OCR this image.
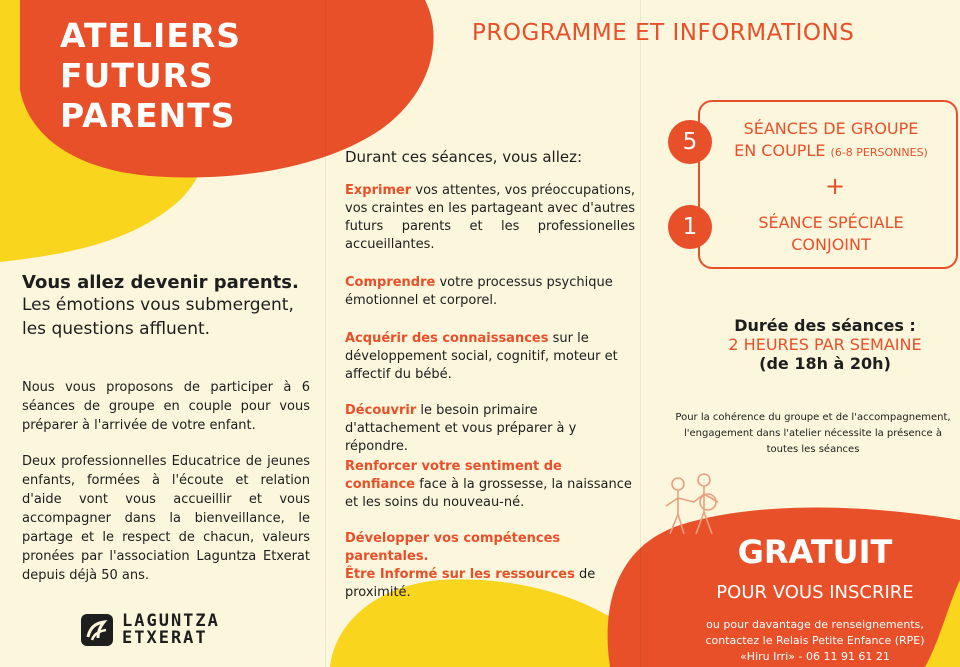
ATELIERS
FUTURS
PARENTS
Vous allez devenir parents.
Les émotions vous submergent,
les questions affluent.
Nous vous proposons de participer à 6 séances de groupe en couple pour vous préparer à l'arrivée de votre enfant.
Deux professionnelles Educatrice de jeunes enfants, formées à l'écoute et relation d'aide vont vous accueillir et vous accompagner dans la bienveillance, le partage et le respect de chacun, valeurs pronées par l'association Laguntza Etxerat depuis déjà 50 ans.
LAGUNTZA
ETXERAT
Durant ces séances, vous allez:
Exprimer vos attentes, vos préoccupations, vos craintes en les partageant avec d'autres futurs parents et les professionelles accueillantes.
Comprendre votre processus psychique émotionnel et corporel.
Acquérir des connaissances sur le développement social, cognitif, moteur et affectif du bébé.
Découvrir le besoin primaire d'attachement et vous préparer à y répondre.
Renforcer votre sentiment de confiance face à la grossesse, la naissance et les soins du nouveau-né.
Développer vos compétences parentales.
Être Informé sur les ressources de proximité.
PROGRAMME ET INFORMATIONS
5
SÉANCES DE GROUPE
EN COUPLE (6-8 PERSONNES)
+
1	SÉANCE SPÉCIALE
CONJOINT
Durée des séances :
2 HEURES PAR SEMAINE
(de 18h à 20h)
Pour la cohérence du groupe et de l'accompagnement, l'engagement dans l'atelier nécessite la présence à toutes les séances
GRATUIT
POUR VOUS INSCRIRE
ou pour davantage de renseignements,
contactez le Relais Petite Enfance (RPE)
«Hiru Irri» - 06 11 91 61 21
